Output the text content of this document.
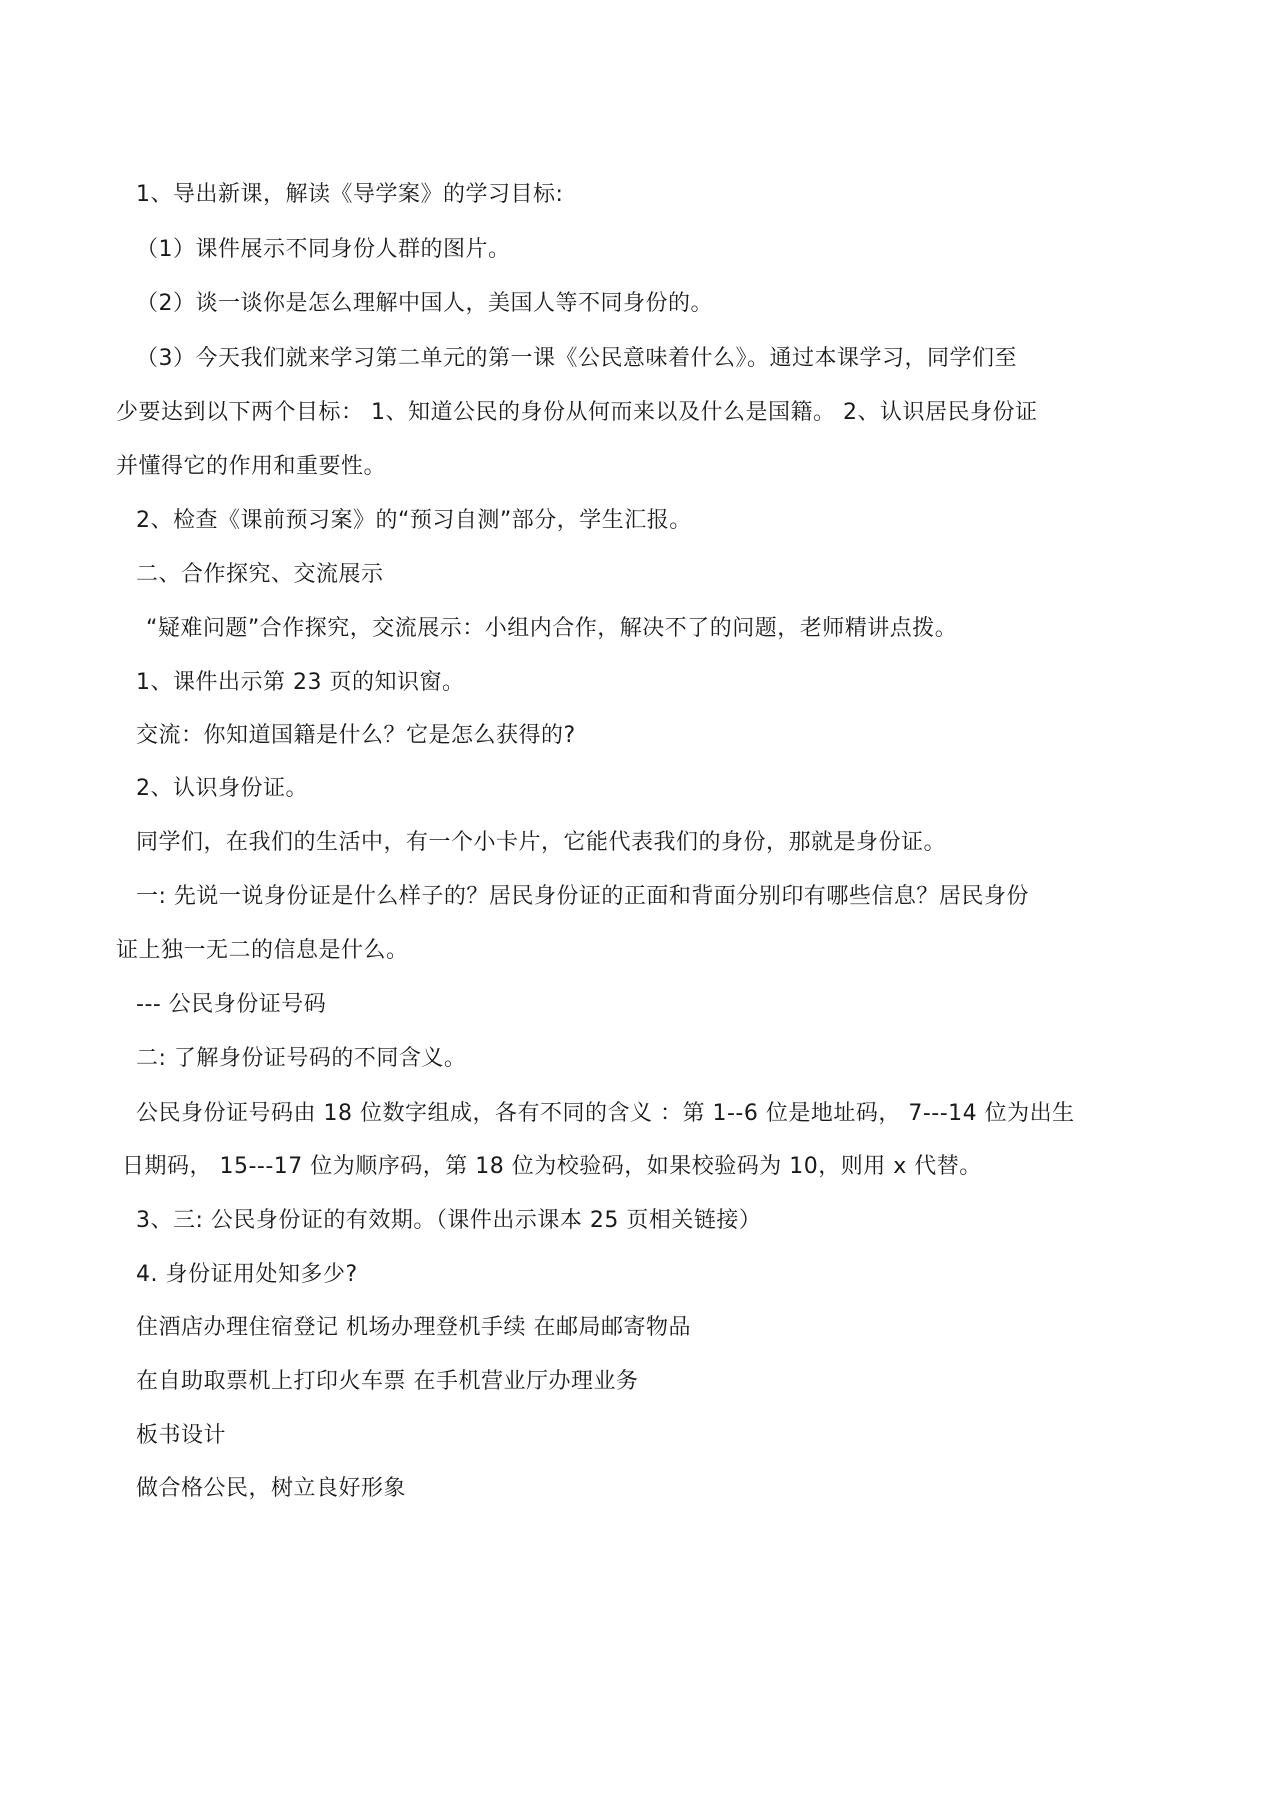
1、导出新课，解读《导学案》的学习目标:
（1）课件展示不同身份人群的图片。
（2）谈一谈你是怎么理解中国人，美国人等不同身份的。
（3）今天我们就来学习第二单元的第一课《公民意味着什么》。通过本课学习，同学们至
少要达到以下两个目标： 1、知道公民的身份从何而来以及什么是国籍。 2、认识居民身份证
并懂得它的作用和重要性。
2、检查《课前预习案》的“预习自测”部分，学生汇报。
二、合作探究、交流展示
“疑难问题”合作探究，交流展示：小组内合作，解决不了的问题，老师精讲点拨。
1、课件出示第 23 页的知识窗。
交流：你知道国籍是什么？它是怎么获得的?
2、认识身份证。
同学们，在我们的生活中，有一个小卡片，它能代表我们的身份，那就是身份证。
一: 先说一说身份证是什么样子的？居民身份证的正面和背面分别印有哪些信息？居民身份
证上独一无二的信息是什么。
--- 公民身份证号码
二: 了解身份证号码的不同含义。
公民身份证号码由 18 位数字组成，各有不同的含义 ：第 1--6 位是地址码， 7---14 位为出生
日期码， 15---17 位为顺序码，第 18 位为校验码，如果校验码为 10，则用 x 代替。
3、三: 公民身份证的有效期。（课件出示课本 25 页相关链接）
4. 身份证用处知多少?
住酒店办理住宿登记 机场办理登机手续 在邮局邮寄物品
在自助取票机上打印火车票 在手机营业厅办理业务
板书设计
做合格公民，树立良好形象
